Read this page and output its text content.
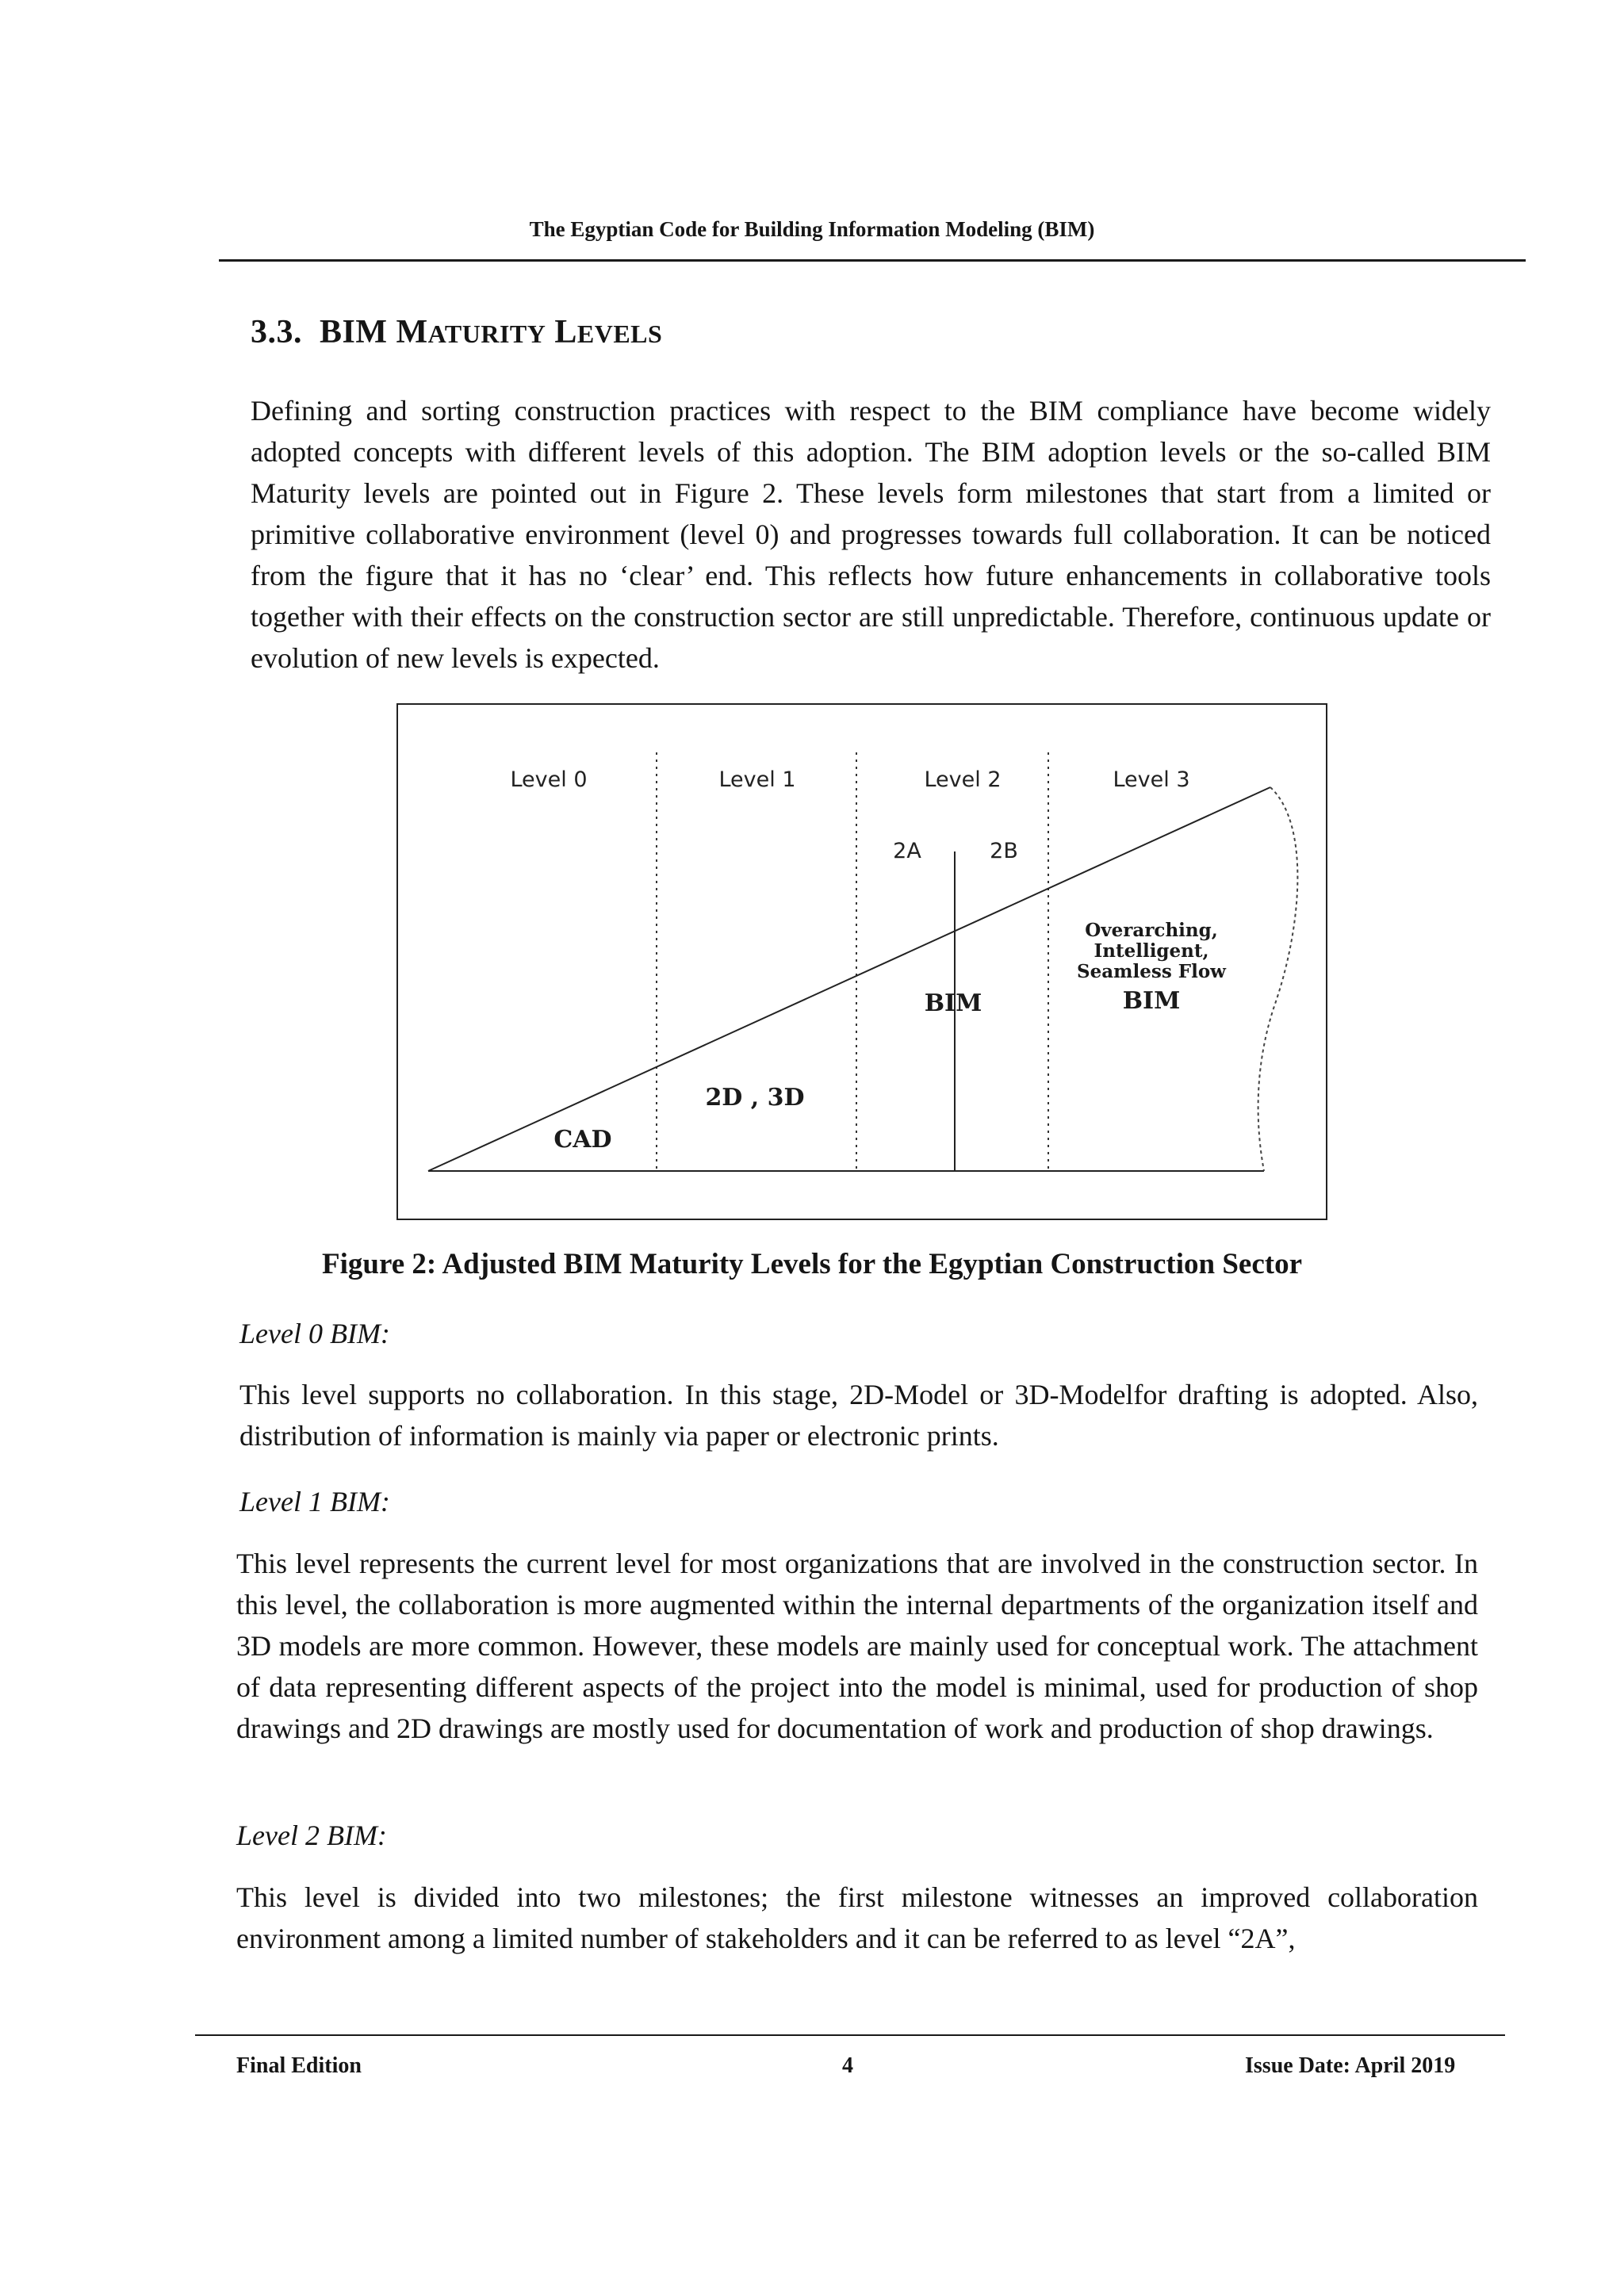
The Egyptian Code for Building Information Modeling (BIM)
3.3. BIM MATURITY LEVELS

Defining and sorting construction practices with respect to the BIM compliance have become widely adopted concepts with different levels of this adoption. The BIM adoption levels or the so-called BIM Maturity levels are pointed out in Figure 2. These levels form milestones that start from a limited or primitive collaborative environment (level 0) and progresses towards full collaboration. It can be noticed from the figure that it has no ‘clear’ end. This reflects how future enhancements in collaborative tools together with their effects on the construction sector are still unpredictable. Therefore, continuous update or evolution of new levels is expected.

Level 0	Level 1	Level 2	Level 3
2A	2B
CAD
2D , 3D
BIM
Overarching,
Intelligent,
Seamless Flow
BIM
Figure 2: Adjusted BIM Maturity Levels for the Egyptian Construction Sector

Level 0 BIM:

This level supports no collaboration. In this stage, 2D-Model or 3D-Modelfor drafting is adopted. Also, distribution of information is mainly via paper or electronic prints.

Level 1 BIM:

This level represents the current level for most organizations that are involved in the construction sector. In this level, the collaboration is more augmented within the internal departments of the organization itself and 3D models are more common. However, these models are mainly used for conceptual work. The attachment of data representing different aspects of the project into the model is minimal, used for production of shop drawings and 2D drawings are mostly used for documentation of work and production of shop drawings.

Level 2 BIM:

This level is divided into two milestones; the first milestone witnesses an improved collaboration environment among a limited number of stakeholders and it can be referred to as level “2A”,

Final Edition	4	Issue Date: April 2019
